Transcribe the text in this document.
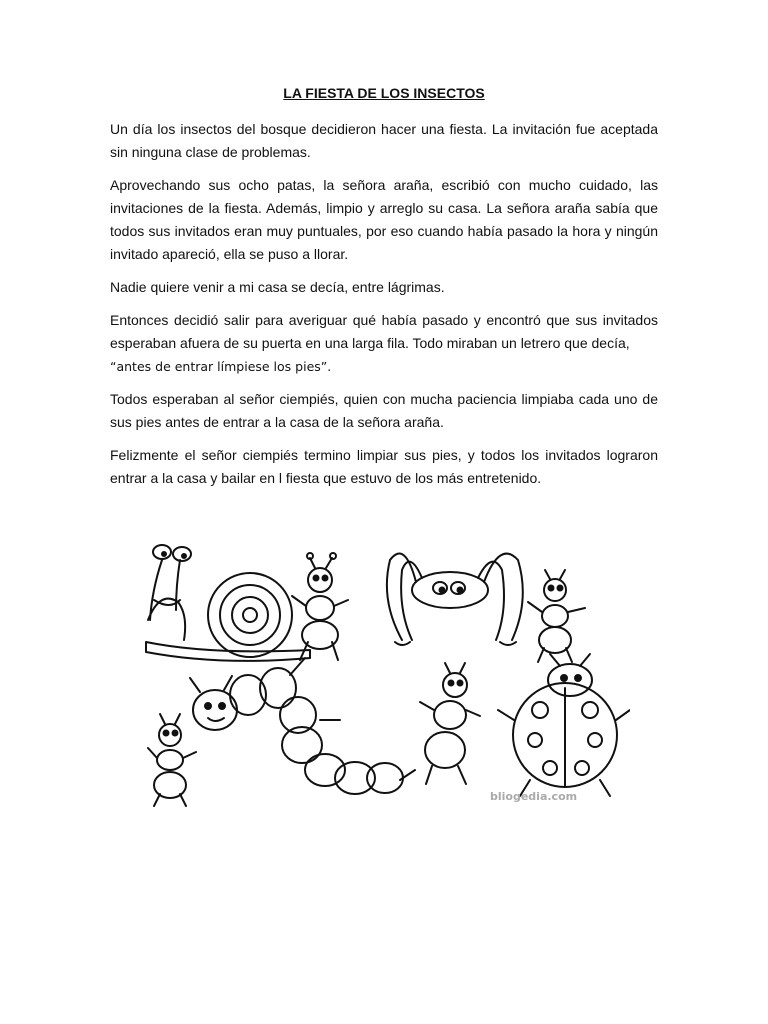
LA FIESTA DE LOS INSECTOS

Un día los insectos del bosque decidieron hacer una fiesta. La invitación fue aceptada sin ninguna clase de problemas.

Aprovechando sus ocho patas, la señora araña, escribió con mucho cuidado, las invitaciones de la fiesta. Además, limpio y arreglo su casa. La señora araña sabía que todos sus invitados eran muy puntuales, por eso cuando había pasado la hora y ningún invitado apareció, ella se puso a llorar.

Nadie quiere venir a mi casa se decía, entre lágrimas.

Entonces decidió salir para averiguar qué había pasado y encontró que sus invitados esperaban afuera de su puerta en una larga fila. Todo miraban un letrero que decía,
“antes de entrar límpiese los pies”.

Todos esperaban al señor ciempiés, quien con mucha paciencia limpiaba cada uno de sus pies antes de entrar a la casa de la señora araña.

Felizmente el señor ciempiés termino limpiar sus pies, y todos los invitados lograron entrar a la casa y bailar en l fiesta que estuvo de los más entretenido.

bliogedia.com
